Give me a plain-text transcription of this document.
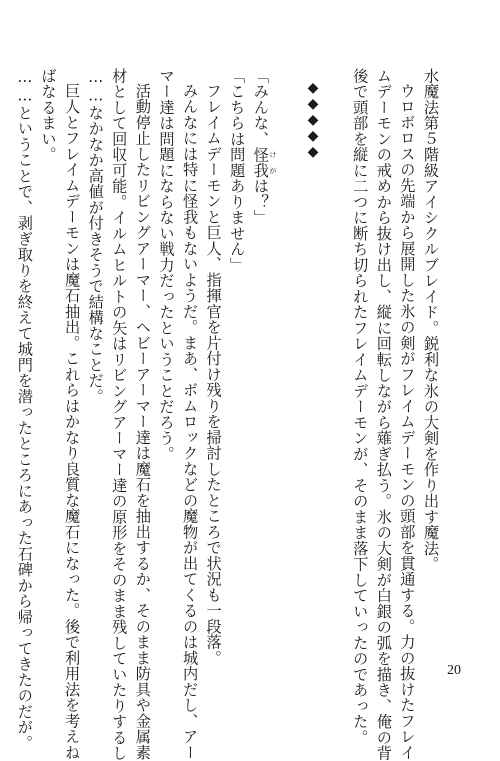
水魔法第５階級アイシクルブレイド。鋭利な氷の大剣を作り出す魔法。

ウロボロスの先端から展開した氷の剣がフレイムデーモンの頭部を貫通する。力の抜けたフレイ

ムデーモンの戒めから抜け出し、縦に回転しながら薙ぎ払う。氷の大剣が白銀の弧を描き、俺の背

後で頭部を縦に二つに断ち切られたフレイムデーモンが、そのまま落下していったのであった。

◆◆◆◆◆

「みんな、怪我 けがは？」

「こちらは問題ありません」

フレイムデーモンと巨人、指揮官を片付け残りを掃討したところで状況も一段落。

みんなには特に怪我もないようだ。まあ、ボムロックなどの魔物が出てくるのは城内だし、アー

マー達は問題にならない戦力だったということだろう。

活動停止したリビングアーマー、ヘビーアーマー達は魔石を抽出するか、そのまま防具や金属素

材として回収可能。イルムヒルトの矢はリビングアーマー達の原形をそのまま残していたりするし

……なかなか高値が付きそうで結構なことだ。

巨人とフレイムデーモンは魔石抽出。これらはかなり良質な魔石になった。後で利用法を考えね

ばなるまい。

……ということで、剥ぎ取りを終えて城門を潜ったところにあった石碑から帰ってきたのだが。	20
